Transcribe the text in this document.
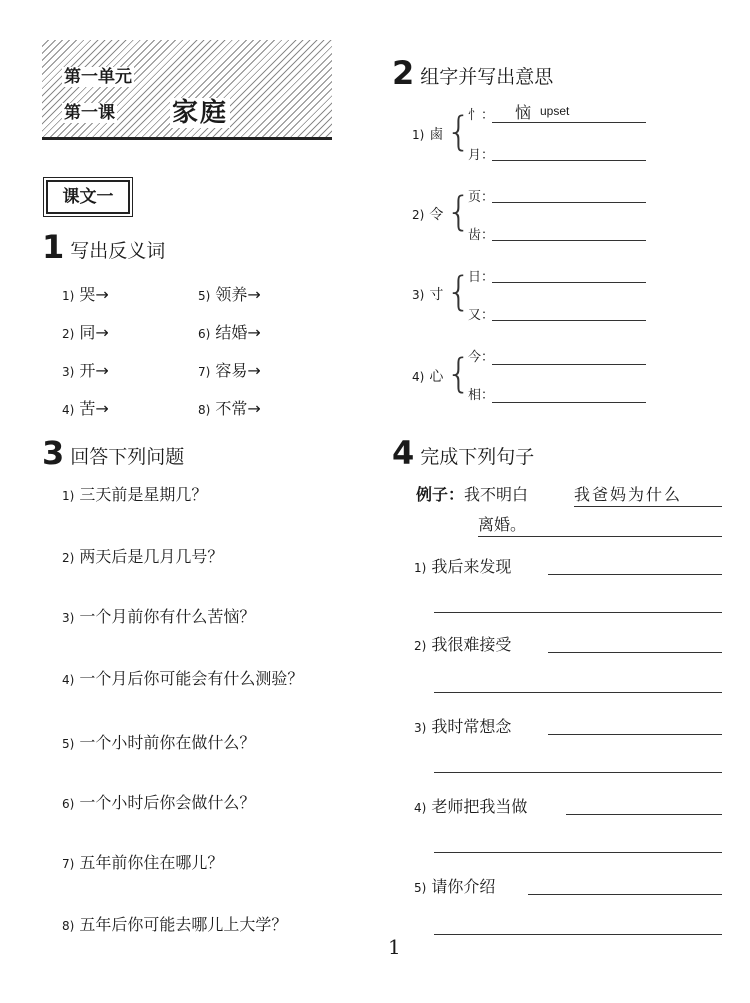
第一单元
第一课 家庭
课文一
1 写出反义词
1) 哭→
2) 同→
3) 开→
4) 苦→
5) 领养→
6) 结婚→
7) 容易→
8) 不常→
2 组字并写出意思
1) 鹵 {
忄： 恼 upset
月：
2) 令 {
页：
齿：
3) 寸 {
日：
又：
4) 心 {
今：
相：
3 回答下列问题
1) 三天前是星期几？
2) 两天后是几月几号？
3) 一个月前你有什么苦恼？
4) 一个月后你可能会有什么测验？
5) 一个小时前你在做什么？
6) 一个小时后你会做什么？
7) 五年前你住在哪儿？
8) 五年后你可能去哪儿上大学？
4 完成下列句子
例子：我不明白	我爸妈为什么
离婚。
1) 我后来发现
2) 我很难接受
3) 我时常想念
4) 老师把我当做
5) 请你介绍
1
